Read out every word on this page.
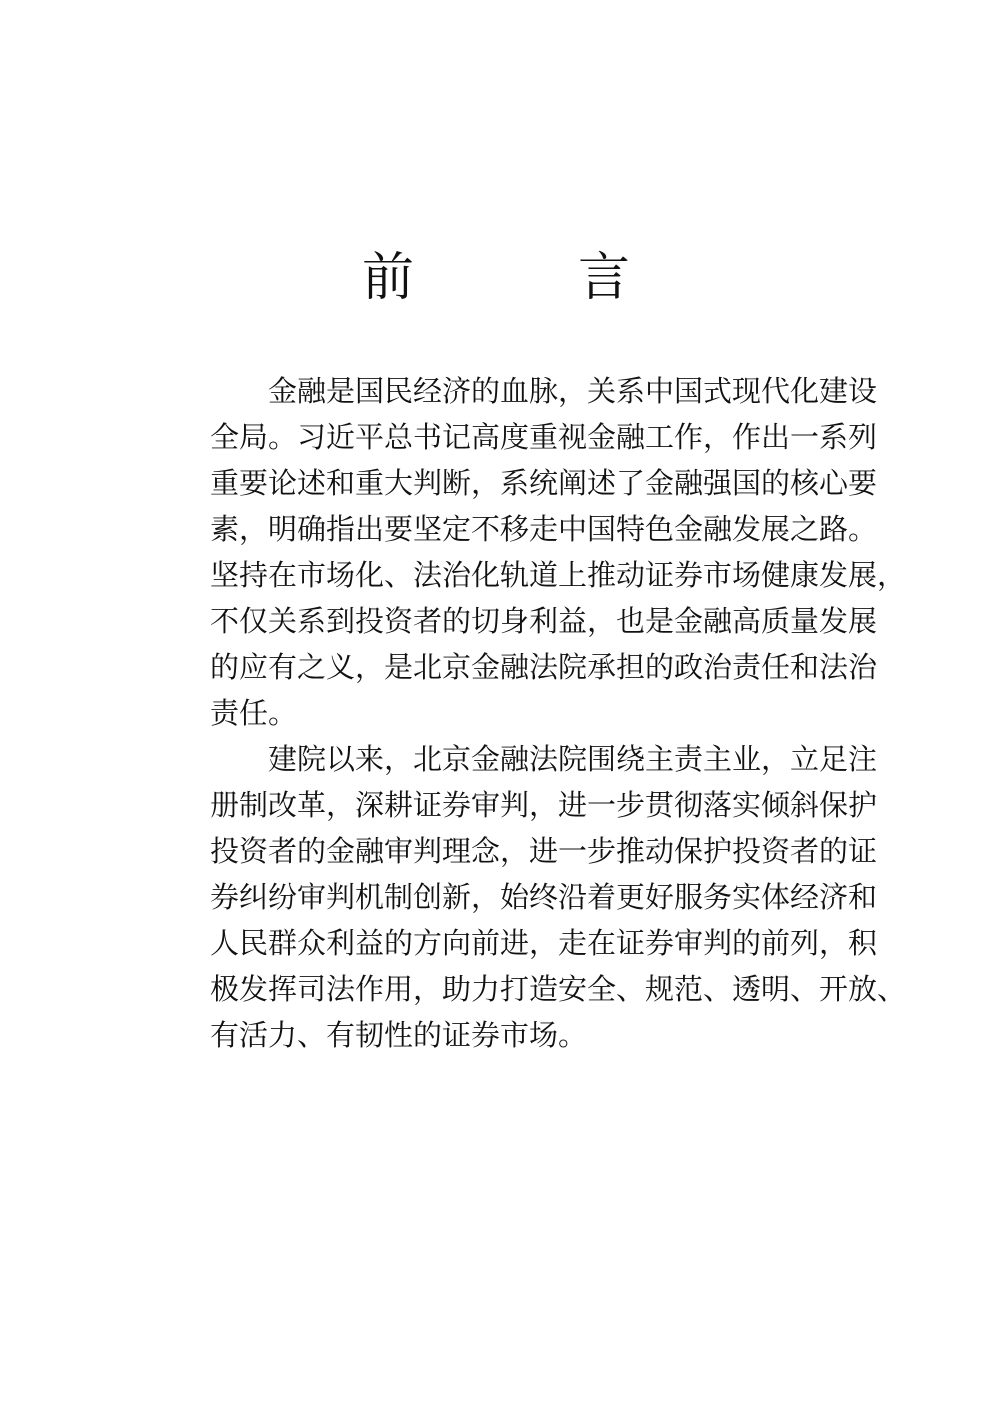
前　言
金融是国民经济的血脉，关系中国式现代化建设
全局。习近平总书记高度重视金融工作，作出一系列
重要论述和重大判断，系统阐述了金融强国的核心要
素，明确指出要坚定不移走中国特色金融发展之路。
坚持在市场化、法治化轨道上推动证券市场健康发展，
不仅关系到投资者的切身利益，也是金融高质量发展
的应有之义，是北京金融法院承担的政治责任和法治
责任。
建院以来，北京金融法院围绕主责主业，立足注
册制改革，深耕证券审判，进一步贯彻落实倾斜保护
投资者的金融审判理念，进一步推动保护投资者的证
券纠纷审判机制创新，始终沿着更好服务实体经济和
人民群众利益的方向前进，走在证券审判的前列，积
极发挥司法作用，助力打造安全、规范、透明、开放、
有活力、有韧性的证券市场。
